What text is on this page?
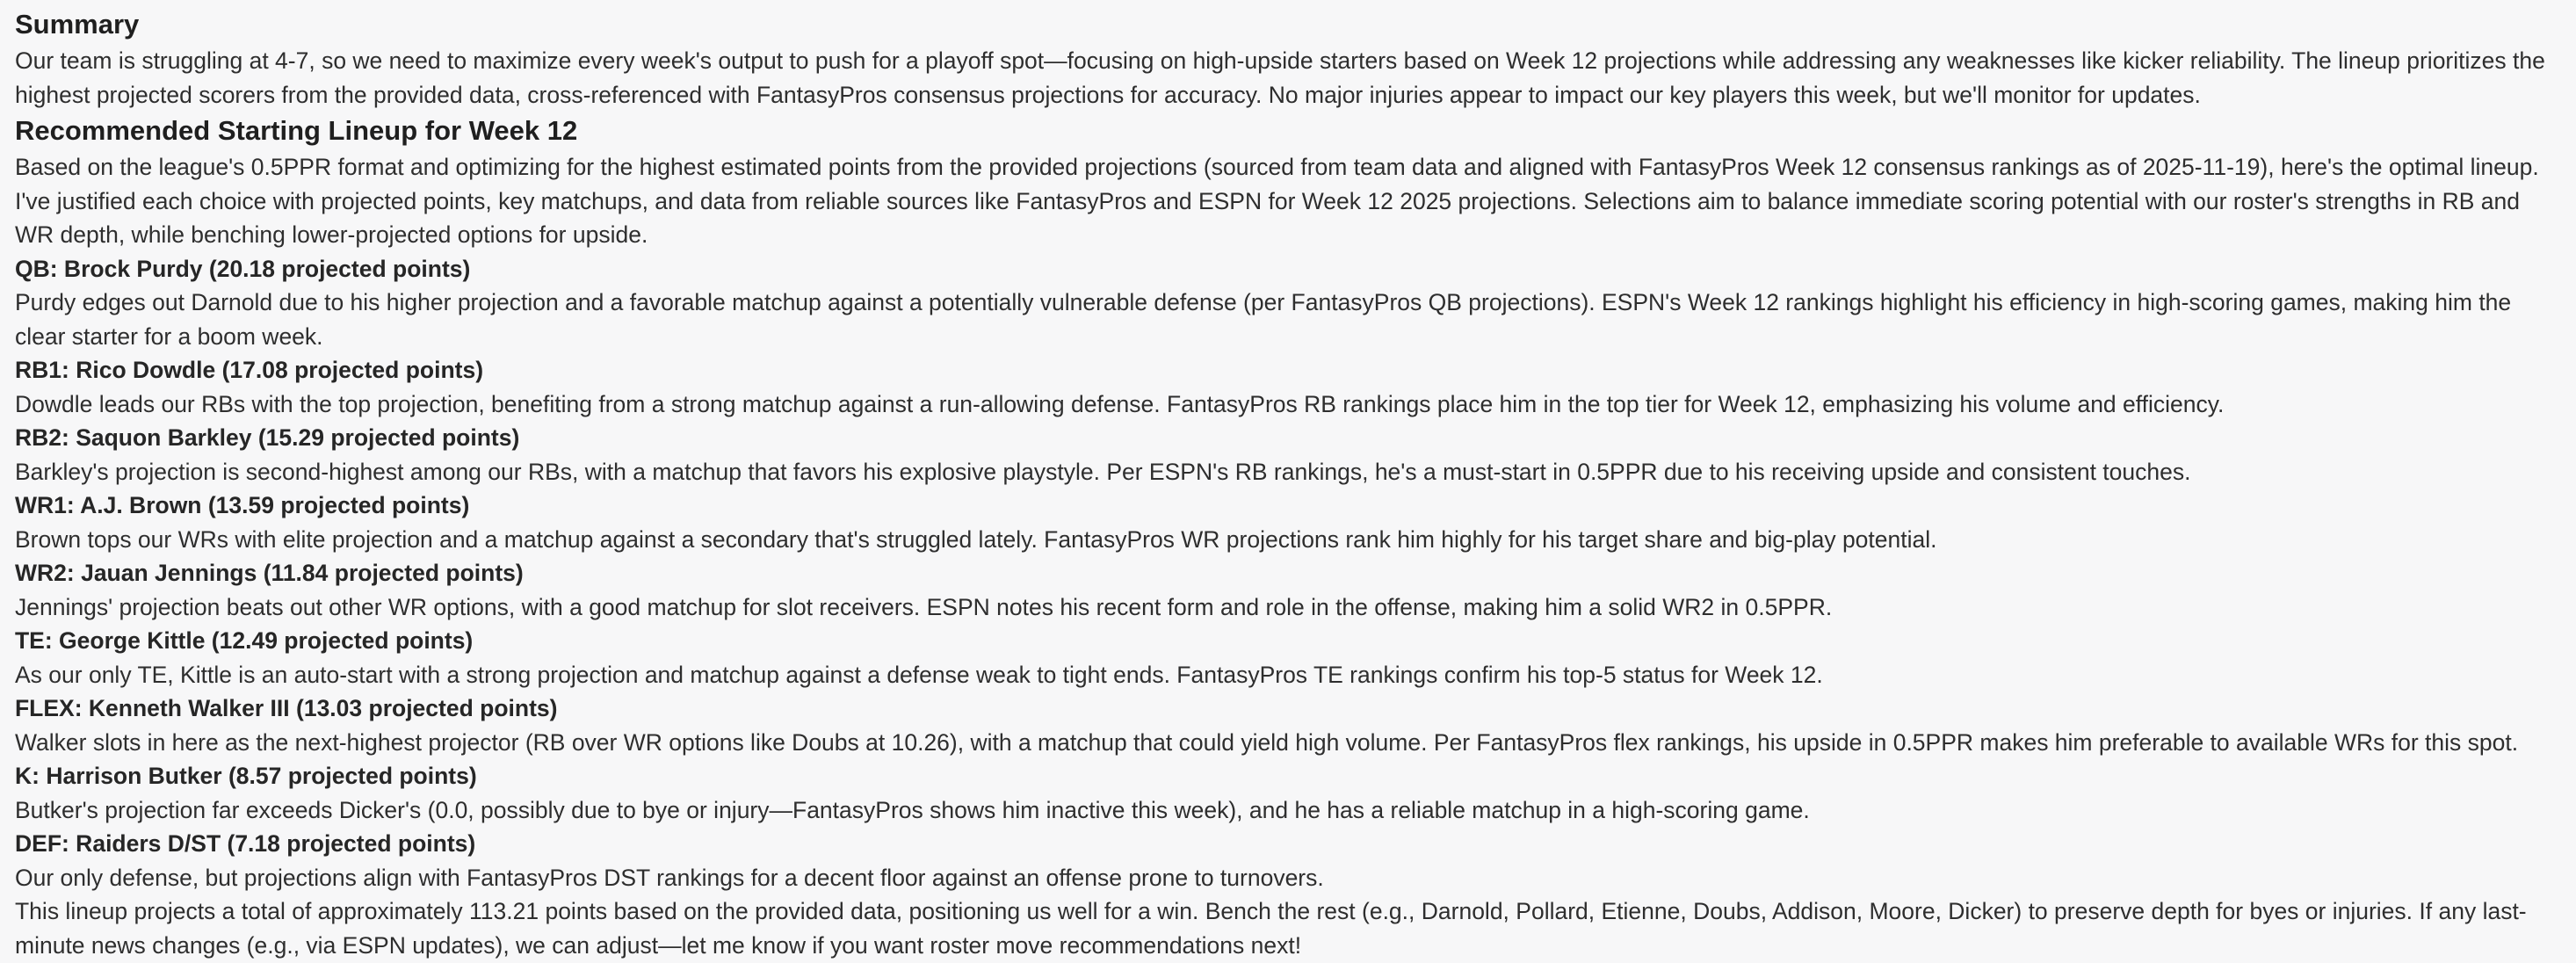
Summary

Our team is struggling at 4-7, so we need to maximize every week's output to push for a playoff spot—focusing on high-upside starters based on Week 12 projections while addressing any weaknesses like kicker reliability. The lineup prioritizes the highest projected scorers from the provided data, cross-referenced with FantasyPros consensus projections for accuracy. No major injuries appear to impact our key players this week, but we'll monitor for updates.

Recommended Starting Lineup for Week 12

Based on the league's 0.5PPR format and optimizing for the highest estimated points from the provided projections (sourced from team data and aligned with FantasyPros Week 12 consensus rankings as of 2025-11-19), here's the optimal lineup. I've justified each choice with projected points, key matchups, and data from reliable sources like FantasyPros and ESPN for Week 12 2025 projections. Selections aim to balance immediate scoring potential with our roster's strengths in RB and WR depth, while benching lower-projected options for upside.

QB: Brock Purdy (20.18 projected points)

Purdy edges out Darnold due to his higher projection and a favorable matchup against a potentially vulnerable defense (per FantasyPros QB projections). ESPN's Week 12 rankings highlight his efficiency in high-scoring games, making him the clear starter for a boom week.

RB1: Rico Dowdle (17.08 projected points)

Dowdle leads our RBs with the top projection, benefiting from a strong matchup against a run-allowing defense. FantasyPros RB rankings place him in the top tier for Week 12, emphasizing his volume and efficiency.

RB2: Saquon Barkley (15.29 projected points)

Barkley's projection is second-highest among our RBs, with a matchup that favors his explosive playstyle. Per ESPN's RB rankings, he's a must-start in 0.5PPR due to his receiving upside and consistent touches.

WR1: A.J. Brown (13.59 projected points)

Brown tops our WRs with elite projection and a matchup against a secondary that's struggled lately. FantasyPros WR projections rank him highly for his target share and big-play potential.

WR2: Jauan Jennings (11.84 projected points)

Jennings' projection beats out other WR options, with a good matchup for slot receivers. ESPN notes his recent form and role in the offense, making him a solid WR2 in 0.5PPR.

TE: George Kittle (12.49 projected points)

As our only TE, Kittle is an auto-start with a strong projection and matchup against a defense weak to tight ends. FantasyPros TE rankings confirm his top-5 status for Week 12.

FLEX: Kenneth Walker III (13.03 projected points)

Walker slots in here as the next-highest projector (RB over WR options like Doubs at 10.26), with a matchup that could yield high volume. Per FantasyPros flex rankings, his upside in 0.5PPR makes him preferable to available WRs for this spot.

K: Harrison Butker (8.57 projected points)

Butker's projection far exceeds Dicker's (0.0, possibly due to bye or injury—FantasyPros shows him inactive this week), and he has a reliable matchup in a high-scoring game.

DEF: Raiders D/ST (7.18 projected points)

Our only defense, but projections align with FantasyPros DST rankings for a decent floor against an offense prone to turnovers.

This lineup projects a total of approximately 113.21 points based on the provided data, positioning us well for a win. Bench the rest (e.g., Darnold, Pollard, Etienne, Doubs, Addison, Moore, Dicker) to preserve depth for byes or injuries. If any last-minute news changes (e.g., via ESPN updates), we can adjust—let me know if you want roster move recommendations next!
